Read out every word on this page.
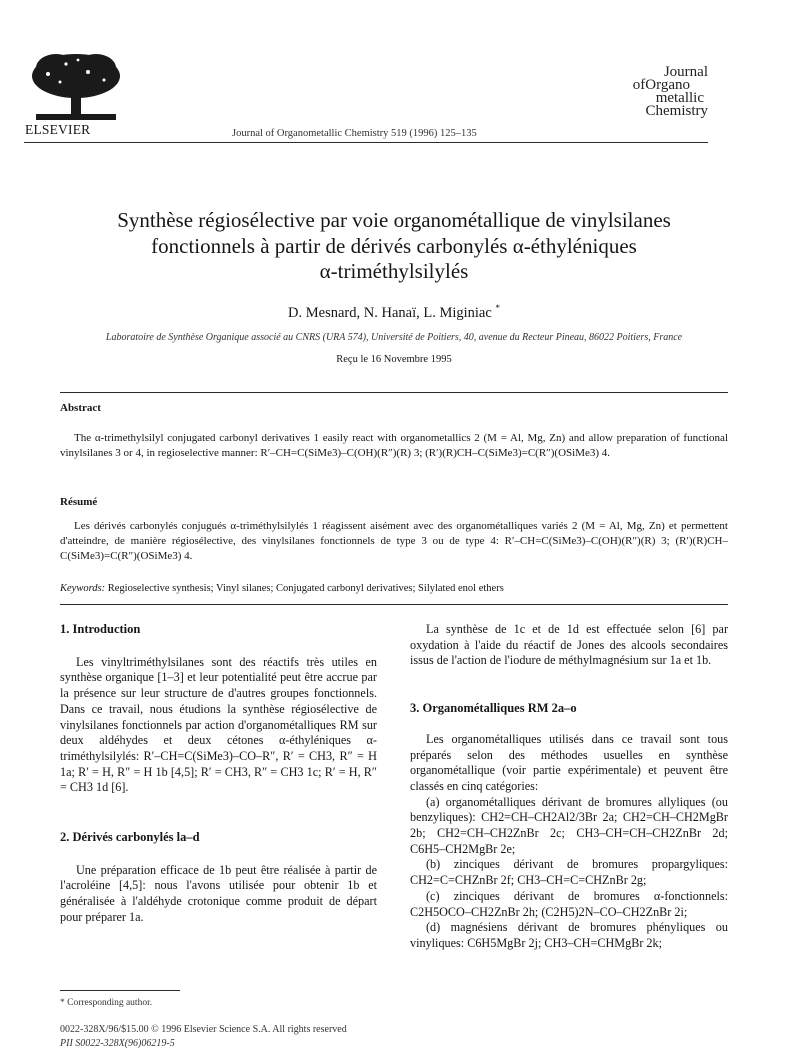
ELSEVIER	Journal of Organometallic Chemistry 519 (1996) 125–135
Journal
ofOrgano
metallic
Chemistry
Synthèse régiosélective par voie organométallique de vinylsilanes
fonctionnels à partir de dérivés carbonylés α-éthyléniques
α-triméthylsilylés
D. Mesnard, N. Hanaï, L. Miginiac *
Laboratoire de Synthèse Organique associé au CNRS (URA 574), Université de Poitiers, 40, avenue du Recteur Pineau, 86022 Poitiers, France
Reçu le 16 Novembre 1995
Abstract
The α-trimethylsilyl conjugated carbonyl derivatives 1 easily react with organometallics 2 (M = Al, Mg, Zn) and allow preparation of functional vinylsilanes 3 or 4, in regioselective manner: R′–CH=C(SiMe3)–C(OH)(R″)(R) 3; (R′)(R)CH–C(SiMe3)=C(R″)(OSiMe3) 4.
Résumé
Les dérivés carbonylés conjugués α-triméthylsilylés 1 réagissent aisément avec des organométalliques variés 2 (M = Al, Mg, Zn) et permettent d'atteindre, de manière régiosélective, des vinylsilanes fonctionnels de type 3 ou de type 4: R′–CH=C(SiMe3)–C(OH)(R″)(R) 3; (R′)(R)CH–C(SiMe3)=C(R″)(OSiMe3) 4.
Keywords: Regioselective synthesis; Vinyl silanes; Conjugated carbonyl derivatives; Silylated enol ethers
1. Introduction

Les vinyltriméthylsilanes sont des réactifs très utiles en synthèse organique [1–3] et leur potentialité peut être accrue par la présence sur leur structure de d'autres groupes fonctionnels. Dans ce travail, nous étudions la synthèse régiosélective de vinylsilanes fonctionnels par action d'organométalliques RM sur deux aldéhydes et deux cétones α-éthyléniques α-triméthylsilylés: R′–CH=C(SiMe3)–CO–R″, R′ = CH3, R″ = H 1a; R′ = H, R″ = H 1b [4,5]; R′ = CH3, R″ = CH3 1c; R′ = H, R″ = CH3 1d [6].

2. Dérivés carbonylés la–d

Une préparation efficace de 1b peut être réalisée à partir de l'acroléine [4,5]: nous l'avons utilisée pour obtenir 1b et généralisée à l'aldéhyde crotonique comme produit de départ pour préparer 1a.

La synthèse de 1c et de 1d est effectuée selon [6] par oxydation à l'aide du réactif de Jones des alcools secondaires issus de l'action de l'iodure de méthylmagnésium sur 1a et 1b.

3. Organométalliques RM 2a–o

Les organométalliques utilisés dans ce travail sont tous préparés selon des méthodes usuelles en synthèse organométallique (voir partie expérimentale) et peuvent être classés en cinq catégories:

(a) organométalliques dérivant de bromures allyliques (ou benzyliques): CH2=CH–CH2Al2/3Br 2a; CH2=CH–CH2MgBr 2b; CH2=CH–CH2ZnBr 2c; CH3–CH=CH–CH2ZnBr 2d; C6H5–CH2MgBr 2e;

(b) zinciques dérivant de bromures propargyliques: CH2=C=CHZnBr 2f; CH3–CH=C=CHZnBr 2g;

(c) zinciques dérivant de bromures α-fonctionnels: C2H5OCO–CH2ZnBr 2h; (C2H5)2N–CO–CH2ZnBr 2i;

(d) magnésiens dérivant de bromures phényliques ou vinyliques: C6H5MgBr 2j; CH3–CH=CHMgBr 2k;

* Corresponding author.
0022-328X/96/$15.00 © 1996 Elsevier Science S.A. All rights reserved
PII S0022-328X(96)06219-5
